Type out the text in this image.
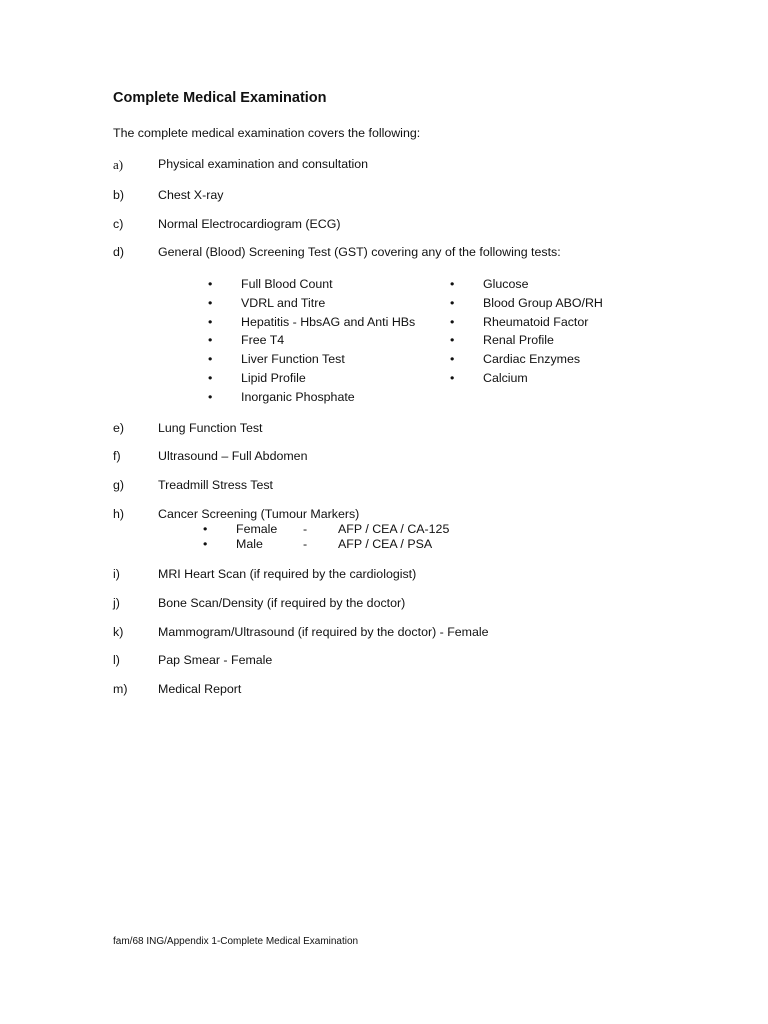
Complete Medical Examination
The complete medical examination covers the following:
a)	Physical examination and consultation
b)	Chest X-ray
c)	Normal Electrocardiogram (ECG)
d)	General (Blood) Screening Test (GST) covering any of the following tests:
• Full Blood Count
• VDRL and Titre
• Hepatitis - HbsAG and Anti HBs
• Free T4
• Liver Function Test
• Lipid Profile
• Inorganic Phosphate
• Glucose
• Blood Group ABO/RH
• Rheumatoid Factor
• Renal Profile
• Cardiac Enzymes
• Calcium
e)	Lung Function Test
f)	Ultrasound – Full Abdomen
g)	Treadmill Stress Test
h)	Cancer Screening (Tumour Markers)
• Female - AFP / CEA / CA-125
• Male	- AFP / CEA / PSA
i)	MRI Heart Scan (if required by the cardiologist)
j)	Bone Scan/Density (if required by the doctor)
k)	Mammogram/Ultrasound (if required by the doctor) - Female
l)	Pap Smear - Female
m) Medical Report
fam/68 ING/Appendix 1-Complete Medical Examination
